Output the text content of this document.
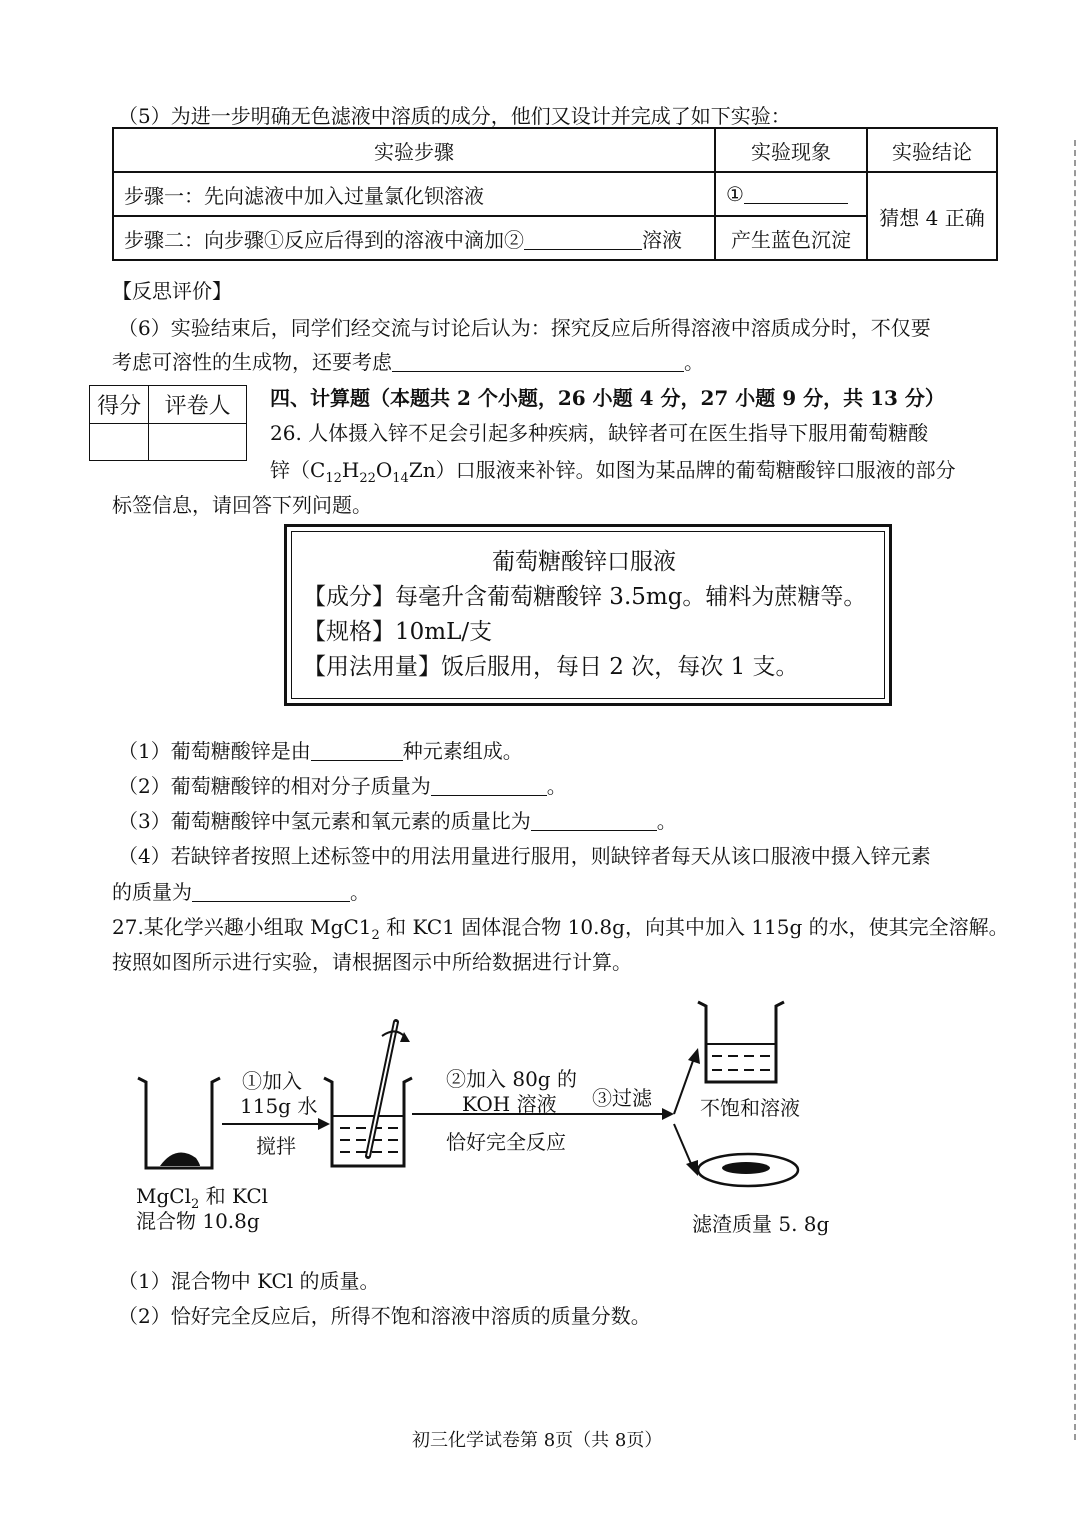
（5）为进一步明确无色滤液中溶质的成分，他们又设计并完成了如下实验：
实验步骤	实验现象	实验结论
步骤一：先向滤液中加入过量氯化钡溶液	①	猜想 4 正确
步骤二：向步骤①反应后得到的溶液中滴加② 溶液	产生蓝色沉淀	
【反思评价】
（6）实验结束后，同学们经交流与讨论后认为：探究反应后所得溶液中溶质成分时，不仅要
考虑可溶性的生成物，还要考虑	。
得分	评卷人
	四、计算题（本题共 2 个小题，26 小题 4 分，27 小题 9 分，共 13 分）
26. 人体摄入锌不足会引起多种疾病，缺锌者可在医生指导下服用葡萄糖酸
锌$(C_{12}H_{22}O_{14}Zn)$口服液来补锌。如图为某品牌的葡萄糖酸锌口服液的部分
标签信息，请回答下列问题。
葡萄糖酸锌口服液
【成分】每毫升含葡萄糖酸锌 3.5mg。辅料为蔗糖等。
【规格】10mL/支
【用法用量】饭后服用，每日 2 次，每次 1 支。
（1）葡萄糖酸锌是由	种元素组成。
（2）葡萄糖酸锌的相对分子质量为	。
（3）葡萄糖酸锌中氢元素和氧元素的质量比为	。
（4）若缺锌者按照上述标签中的用法用量进行服用，则缺锌者每天从该口服液中摄入锌元素
的质量为	。
27.某化学兴趣小组取 $MgC1_2$ 和 KC1 固体混合物 10.8g，向其中加入 115g 的水，使其完全溶解。
按照如图所示进行实验，请根据图示中所给数据进行计算。
①加入
115g 水
搅拌
②加入 80g 的
KOH 溶液
恰好完全反应
③过滤
MgCl$_2$ 和 KCl
混合物 10.8g
不饱和溶液
滤渣质量 5. 8g
（1）混合物中 KCl 的质量。
（2）恰好完全反应后，所得不饱和溶液中溶质的质量分数。
初三化学试卷第 8页（共 8页）
